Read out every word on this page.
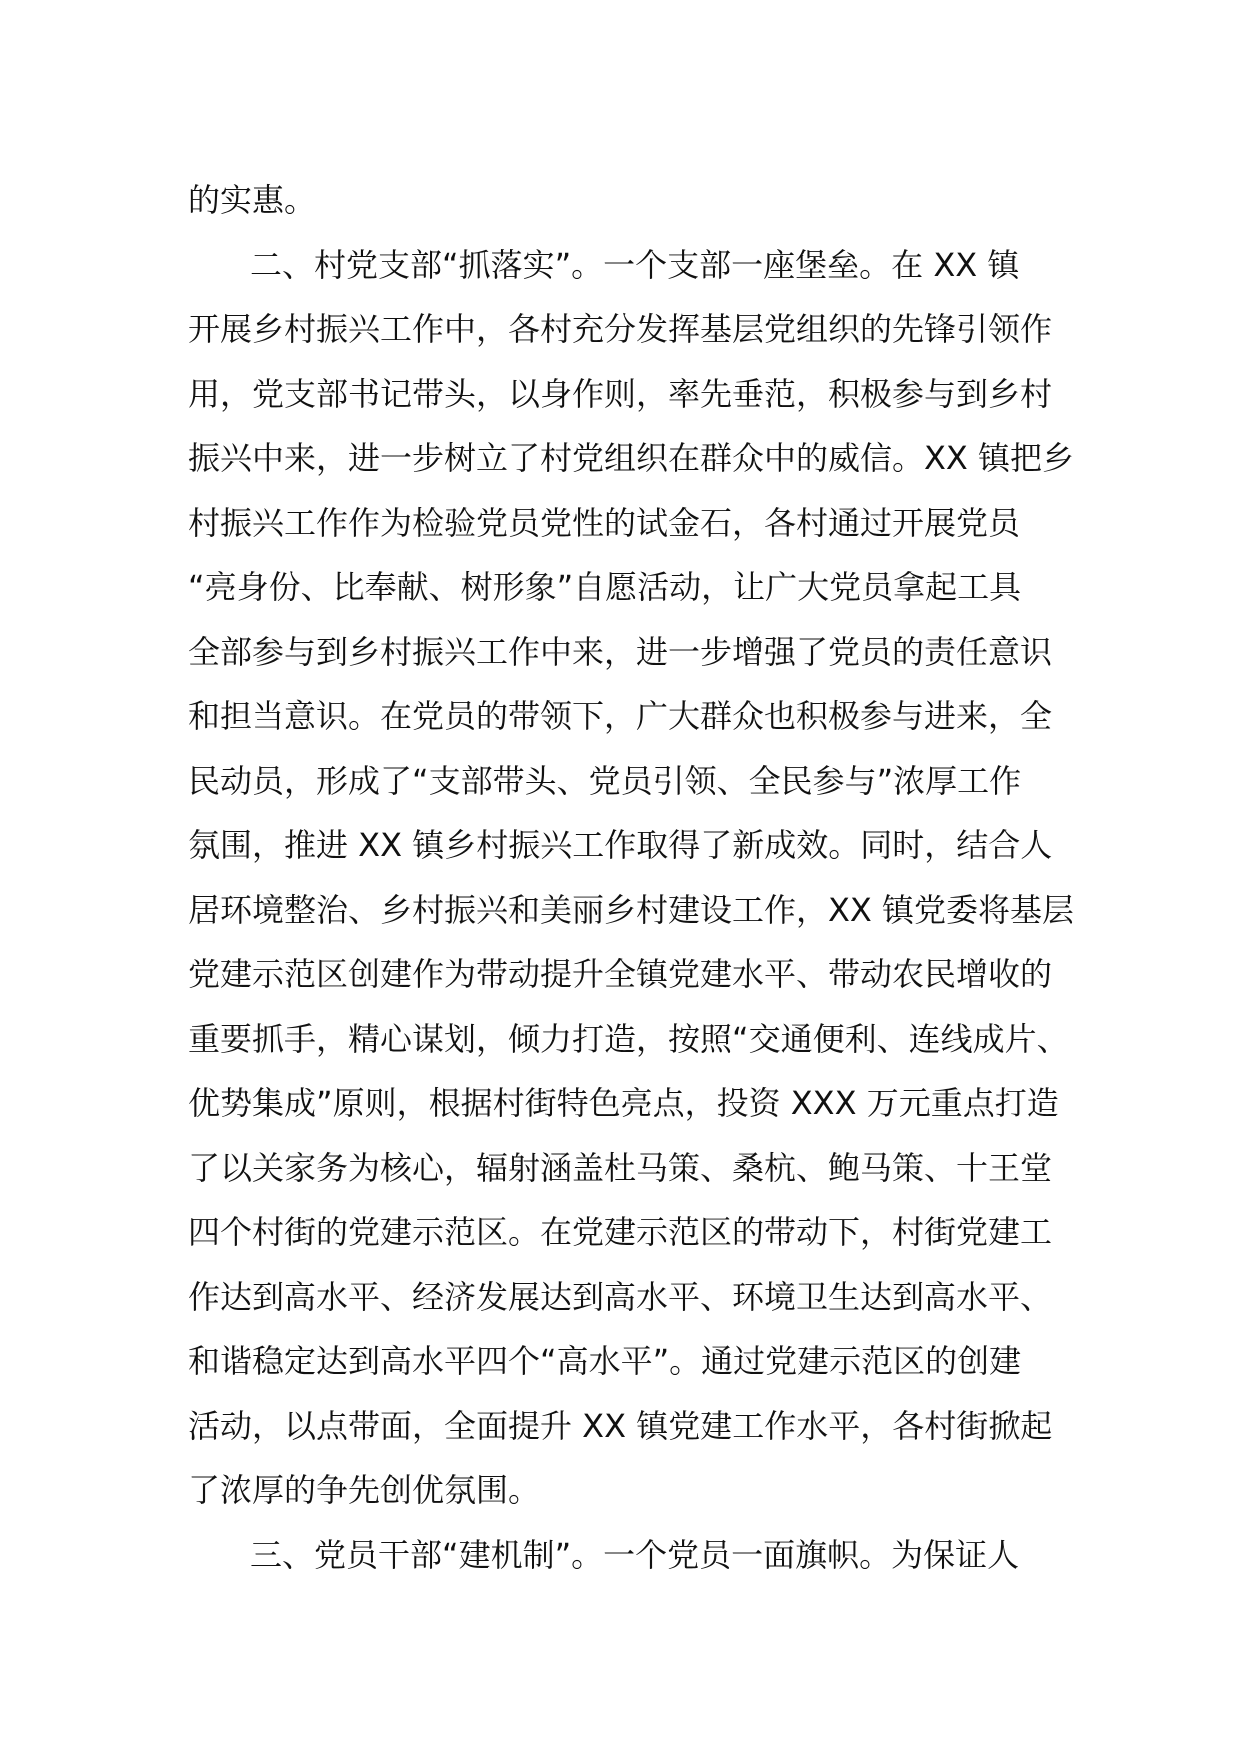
的实惠。
二、村党支部“抓落实”。一个支部一座堡垒。在 XX 镇
开展乡村振兴工作中，各村充分发挥基层党组织的先锋引领作
用，党支部书记带头，以身作则，率先垂范，积极参与到乡村
振兴中来，进一步树立了村党组织在群众中的威信。XX 镇把乡
村振兴工作作为检验党员党性的试金石，各村通过开展党员
“亮身份、比奉献、树形象”自愿活动，让广大党员拿起工具
全部参与到乡村振兴工作中来，进一步增强了党员的责任意识
和担当意识。在党员的带领下，广大群众也积极参与进来，全
民动员，形成了“支部带头、党员引领、全民参与”浓厚工作
氛围，推进 XX 镇乡村振兴工作取得了新成效。同时，结合人
居环境整治、乡村振兴和美丽乡村建设工作，XX 镇党委将基层
党建示范区创建作为带动提升全镇党建水平、带动农民增收的
重要抓手，精心谋划，倾力打造，按照“交通便利、连线成片、
优势集成”原则，根据村街特色亮点，投资 XXX 万元重点打造
了以关家务为核心，辐射涵盖杜马策、桑杭、鲍马策、十王堂
四个村街的党建示范区。在党建示范区的带动下，村街党建工
作达到高水平、经济发展达到高水平、环境卫生达到高水平、
和谐稳定达到高水平四个“高水平”。通过党建示范区的创建
活动，以点带面，全面提升 XX 镇党建工作水平，各村街掀起
了浓厚的争先创优氛围。
三、党员干部“建机制”。一个党员一面旗帜。为保证人
